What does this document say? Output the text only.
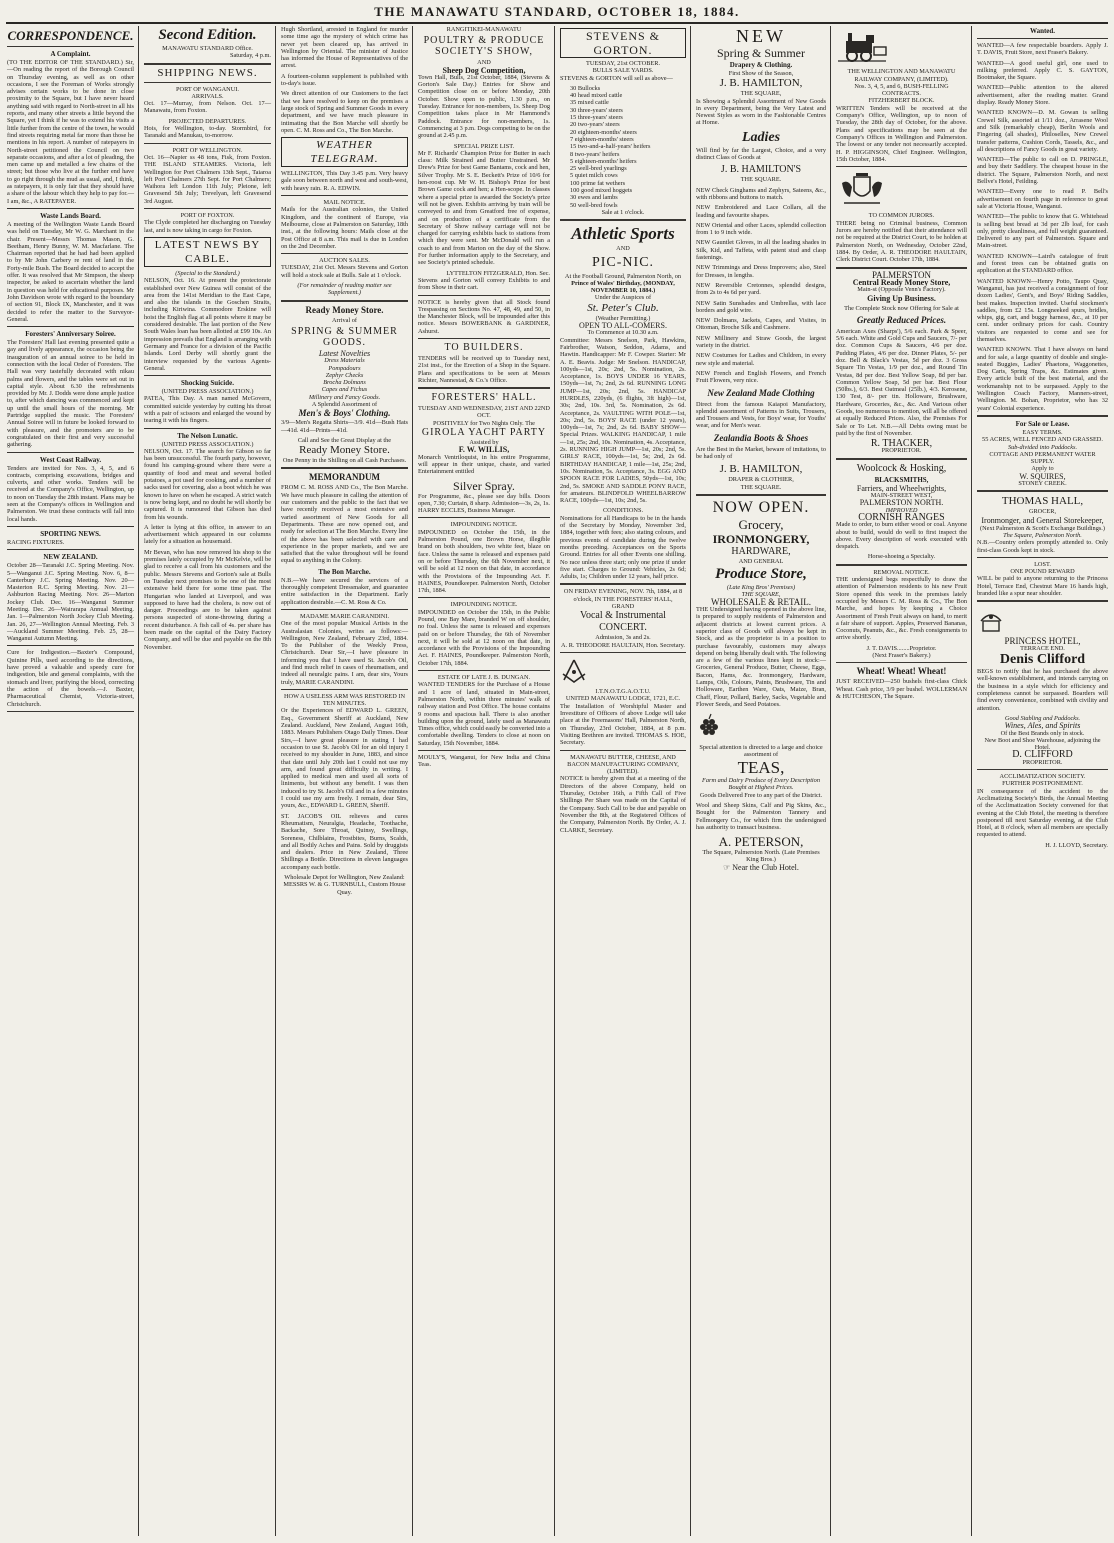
THE MANAWATU STANDARD, OCTOBER 18, 1884.
CORRESPONDENCE.
A Complaint.
(TO THE EDITOR OF THE STANDARD.) Sir,—On reading the report of the Borough Council on Thursday evening, as well as on other occasions, I see the Foreman of Works strongly advises certain works to be done in close proximity to the Square, but I have never heard anything said with regard to North-street in all his reports, and many other streets a little beyond the Square, yet I think if he was to extend his visits a little further from the centre of the town, he would find streets requiring metal far more than those he mentions in his report. A number of ratepayers in North-street petitioned the Council on two separate occasions, and after a lot of pleading, the men came up and metalled a few chains of the street; but those who live at the further end have to go right through the mud as usual, and, I think, as ratepayers, it is only fair that they should have a share of the labour which they help to pay for.—I am, &c., A RATEPAYER.
Waste Lands Board.
A meeting of the Wellington Waste Lands Board was held on Tuesday, Mr W. G. Marchant in the chair. Present—Messrs Thomas Mason, G. Beetham, Henry Bunny, W. M. Macfarlane. The Chairman reported that he had had been applied to by Mr John Carbery re rent of land in the Forty-mile Bush. The Board decided to accept the offer. It was resolved that Mr Simpson, the sheep inspector, be asked to ascertain whether the land in question was held for educational purposes. Mr John Davidson wrote with regard to the boundary of section 91, Block IX, Manchester, and it was decided to refer the matter to the Surveyor-General.
Foresters' Anniversary Soiree.
The Foresters' Hall last evening presented quite a gay and lively appearance, the occasion being the inauguration of an annual soiree to be held in connection with the local Order of Foresters. The Hall was very tastefully decorated with nikau palms and flowers, and the tables were set out in capital style. About 6.30 the refreshments provided by Mr. J. Dodds were done ample justice to, after which dancing was commenced and kept up until the small hours of the morning. Mr Partridge supplied the music. The Foresters' Annual Soiree will in future be looked forward to with pleasure, and the promoters are to be congratulated on their first and very successful gathering.
West Coast Railway.
Tenders are invited for Nos. 3, 4, 5, and 6 contracts, comprising excavations, bridges and culverts, and other works. Tenders will be received at the Company's Office, Wellington, up to noon on Tuesday the 28th instant. Plans may be seen at the Company's offices in Wellington and Palmerston. We trust these contracts will fall into local hands.
SPORTING NEWS.
RACING FIXTURES.
NEW ZEALAND.
October 28—Taranaki J.C. Spring Meeting. Nov. 5—Wanganui J.C. Spring Meeting. Nov. 6, 8—Canterbury J.C. Spring Meeting. Nov. 20—Masterton R.C. Spring Meeting. Nov. 21—Ashburton Racing Meeting. Nov. 26—Marton Jockey Club. Dec. 16—Wanganui Summer Meeting. Dec. 26—Wairarapa Annual Meeting. Jan. 1—Palmerston North Jockey Club Meeting. Jan. 26, 27—Wellington Annual Meeting. Feb. 3—Auckland Summer Meeting. Feb. 25, 28—Wanganui Autumn Meeting.
Cure for Indigestion.—Baxter's Compound, Quinine Pills, used according to the directions, have proved a valuable and speedy cure for indigestion, bile and general complaints, with the stomach and liver, purifying the blood, correcting the action of the bowels.—J. Baxter, Pharmaceutical Chemist, Victoria-street, Christchurch.
Second Edition.
MANAWATU STANDARD Office.
Saturday, 4 p.m.
SHIPPING NEWS.
PORT OF WANGANUI.
ARRIVALS.
Oct. 17—Murray, from Nelson. Oct. 17—Manawatu, from Foxton.
PROJECTED DEPARTURES.
Hois, for Wellington, to-day. Stormbird, for Taranaki and Manukau, to-morrow.
PORT OF WELLINGTON.
Oct. 16—Napier ss 48 tons, Fisk, from Foxton. THE ISLAND STEAMERS. Victoria, left Wellington for Port Chalmers 13th Sept., Taiaroa left Port Chalmers 27th Sept. for Port Chalmers; Waihora left London 11th July; Pleione, left Gravesend 5th July; Trevelyan, left Gravesend 3rd August.
PORT OF FOXTON.
The Clyde completed her discharging on Tuesday last, and is now taking in cargo for Foxton.
LATEST NEWS BY CABLE.
(Special to the Standard.)
NELSON, Oct. 16. At present the protectorate established over New Guinea will consist of the area from the 141st Meridian to the East Cape, and also the islands in the Goschen Straits, including Kiriwina. Commodore Erskine will hoist the English flag at all points where it may be considered desirable. The last portion of the New South Wales loan has been allotted at £99 10s. An impression prevails that England is arranging with Germany and France for a division of the Pacific Islands. Lord Derby will shortly grant the interview requested by the various Agents-General.
Shocking Suicide.
(UNITED PRESS ASSOCIATION.)
PATEA, This Day. A man named McGovern, committed suicide yesterday by cutting his throat with a pair of scissors and enlarged the wound by tearing it with his fingers.
The Nelson Lunatic.
(UNITED PRESS ASSOCIATION.)
NELSON, Oct. 17. The search for Gibson so far has been unsuccessful. The fourth party, however, found his camping-ground where there were a quantity of food and meat and several boiled potatoes, a pot used for cooking, and a number of sacks used for covering, also a boot which he was known to have on when he escaped. A strict watch is now being kept, and no doubt he will shortly be captured. It is rumoured that Gibson has died from his wounds.
A letter is lying at this office, in answer to an advertisement which appeared in our columns lately for a situation as housemaid.
Mr Bevan, who has now removed his shop to the premises lately occupied by Mr McKelvie, will be glad to receive a call from his customers and the public. Messrs Stevens and Gorton's sale at Bulls on Tuesday next promises to be one of the most extensive held there for some time past. The Hungarian who landed at Liverpool, and was supposed to have had the cholera, is now out of danger. Proceedings are to be taken against persons suspected of stone-throwing during a recent disturbance. A fish call of 4s. per share has been made on the capital of the Dairy Factory Company, and will be due and payable on the 8th November.
Hugh Shortland, arrested in England for murder some time ago the mystery of which crime has never yet been cleared up, has arrived in Wellington by Oriental. The minister of Justice has informed the House of Representatives of the arrest.
A fourteen-column supplement is published with to-day's issue.
We direct attention of our Customers to the fact that we have resolved to keep on the premises a large stock of Spring and Summer Goods in every department, and we have much pleasure in intimating that the Bon Marche will shortly be open. C. M. Ross and Co., The Bon Marche.
WEATHER TELEGRAM.
WELLINGTON, This Day 3.45 p.m. Very heavy gale soon between north and west and south-west, with heavy rain. R. A. EDWIN.
MAIL NOTICE.
Mails for the Australian colonies, the United Kingdom, and the continent of Europe, via Melbourne, close at Palmerston on Saturday, 18th inst., at the following hours: Mails close at the Post Office at 8 a.m. This mail is due in London on the 2nd December.
AUCTION SALES.
TUESDAY, 21st Oct. Messrs Stevens and Gorton will hold a stock sale at Bulls. Sale at 1 o'clock.
(For remainder of reading matter see Supplement.)
Ready Money Store.
Arrival of
SPRING & SUMMER GOODS.
Latest Novelties
Dress Materials
Pompadours
Zephyr Checks
Brocha Dolmans
Capes and Fichus
Millinery and Fancy Goods.
A Splendid Assortment of
Men's & Boys' Clothing.
3/9—Men's Regatta Shirts—3/9. 41d—Bush Hats—41d. 41d—Prints—41d.
Call and See the Great Display at the
Ready Money Store.
One Penny in the Shilling on all Cash Purchases.
MEMORANDUM
FROM C. M. ROSS AND Co., The Bon Marche. We have much pleasure in calling the attention of our customers and the public to the fact that we have recently received a most extensive and varied assortment of New Goods for all Departments. These are now opened out, and ready for selection at The Bon Marche. Every line of the above has been selected with care and experience in the proper markets, and we are satisfied that the value throughout will be found equal to anything in the Colony.
The Bon Marche.
N.B.—We have secured the services of a thoroughly competent Dressmaker, and guarantee entire satisfaction in the Department. Early application desirable.—C. M. Ross & Co.
MADAME MARIE CARANDINI.
One of the most popular Musical Artists in the Australasian Colonies, writes as follows:—Wellington, New Zealand, February 23rd, 1884. To the Publisher of the Weekly Press, Christchurch. Dear Sir,—I have pleasure in informing you that I have used St. Jacob's Oil, and find much relief in cases of rheumatism, and indeed all neuralgic pains. I am, dear sirs, Yours truly, MARIE CARANDINI.
HOW A USELESS ARM WAS RESTORED IN TEN MINUTES.
Or the Experiences of EDWARD L. GREEN, Esq., Government Sheriff at Auckland, New Zealand. Auckland, New Zealand, August 16th, 1883. Messrs Publishers Otago Daily Times. Dear Sirs,—I have great pleasure in stating I had occasion to use St. Jacob's Oil for an old injury I received to my shoulder in June, 1883, and since that date until July 20th last I could not use my arm, and found great difficulty in writing. I applied to medical men and used all sorts of liniments, but without any benefit. I was then induced to try St. Jacob's Oil and in a few minutes I could use my arm freely. I remain, dear Sirs, yours, &c., EDWARD L. GREEN, Sheriff.
ST. JACOB'S OIL relieves and cures Rheumatism, Neuralgia, Headache, Toothache, Backache, Sore Throat, Quinsy, Swellings, Soreness, Chilblains, Frostbites, Burns, Scalds, and all Bodily Aches and Pains. Sold by druggists and dealers. Price in New Zealand, Three Shillings a Bottle. Directions in eleven languages accompany each bottle.
Wholesale Depot for Wellington, New Zealand:
MESSRS W. & G. TURNBULL, Custom House Quay.
RANGITIKEI-MANAWATU
POULTRY & PRODUCE SOCIETY'S SHOW,
AND
Sheep Dog Competition,
Town Hall, Bulls, 21st October, 1884, (Stevens & Gorton's Sale Day.) Entries for Show and Competition close on or before Monday, 20th October. Show open to public, 1.30 p.m., on Tuesday. Entrance for non-members, 1s. Sheep Dog Competition takes place in Mr Hammond's Paddock. Entrance for non-members, 1s. Commencing at 3 p.m. Dogs competing to be on the ground at 2.45 p.m.
SPECIAL PRIZE LIST.
Mr F. Richards' Champion Prize for Butter in each class: Milk Strained and Butter Unstrained. Mr Drew's Prize for best Game Bantams, cock and hen, Silver Trophy. Mr S. E. Beckett's Prize of 10/6 for hen-roost cup. Mr W. H. Bishop's Prize for best Brown Game cock and hen; a Hen-scope. In classes where a special prize is awarded the Society's prize will not be given. Exhibits arriving by train will be conveyed to and from Greatford free of expense, and on production of a certificate from the Secretary of Show railway carriage will not be charged for carrying exhibits back to stations from which they were sent. Mr McDonald will run a coach to and from Marton on the day of the Show. For further information apply to the Secretary, and see Society's printed schedule.
LYTTELTON FITZGERALD, Hon. Sec.
Stevens and Gorton will convey Exhibits to and from Show in their cart.
NOTICE is hereby given that all Stock found Trespassing on Sections No. 47, 48, 49, and 50, in the Manchester Block, will be impounded after this notice. Messrs BOWERBANK & GARDINER, Ashurst.
TO BUILDERS.
TENDERS will be received up to Tuesday next, 21st inst., for the Erection of a Shop in the Square. Plans and specifications to be seen at Messrs Richter, Nannestad, & Co.'s Office.
FORESTERS' HALL.
TUESDAY AND WEDNESDAY, 21ST AND 22ND OCT.
POSITIVELY for Two Nights Only. The
GIROLA YACHT PARTY
Assisted by
F. W. WILLIS,
Monarch Ventriloquist, in his entire Programme, will appear in their unique, chaste, and varied Entertainment entitled
Silver Spray.
For Programme, &c., please see day bills. Doors open, 7.30; Curtain, 8 sharp. Admission—3s, 2s, 1s. HARRY ECCLES, Business Manager.
IMPOUNDING NOTICE.
IMPOUNDED on October the 15th, in the Palmerston Pound, one Brown Horse, illegible brand on both shoulders, two white feet, blaze on face. Unless the same is released and expenses paid on or before Thursday, the 6th November next, it will be sold at 12 noon on that date, in accordance with the Provisions of the Impounding Act. F. HAINES, Poundkeeper. Palmerston North, October 17th, 1884.
IMPOUNDING NOTICE.
IMPOUNDED on October the 15th, in the Public Pound, one Bay Mare, branded W on off shoulder, no foal. Unless the same is released and expenses paid on or before Thursday, the 6th of November next, it will be sold at 12 noon on that date, in accordance with the Provisions of the Impounding Act. F. HAINES, Poundkeeper. Palmerston North, October 17th, 1884.
ESTATE OF LATE J. B. DUNGAN.
WANTED TENDERS for the Purchase of a House and 1 acre of land, situated in Main-street, Palmerston North, within three minutes' walk of railway station and Post Office. The house contains 9 rooms and spacious hall. There is also another building upon the ground, lately used as Manawatu Times office, which could easily be converted into a comfortable dwelling. Tenders to close at noon on Saturday, 15th November, 1884.
MOULY'S, Wanganui, for New India and China Teas.
STEVENS & GORTON.
TUESDAY, 21st OCTOBER.
BULLS SALE YARDS.
STEVENS & GORTON will sell as above—
30 Bullocks
40 head mixed cattle
35 mixed cattle
30 three-years' steers
15 three-years' steers
20 two-years' steers
20 eighteen-months' steers
7 eighteen-months' steers
15 two-and-a-half-years' heifers
8 two-years' heifers
5 eighteen-months' heifers
25 well-bred yearlings
5 quiet milch cows
100 prime fat wethers
100 good mixed hoggets
30 ewes and lambs
50 well-bred fowls
Sale at 1 o'clock.
Athletic Sports
AND
PIC-NIC.
At the Football Ground, Palmerston North, on
Prince of Wales' Birthday, (MONDAY, NOVEMBER 10, 1884.)
Under the Auspices of
St. Peter's Club.
(Weather Permitting.)
OPEN TO ALL-COMERS.
To Commence at 10.30 a.m.
Committee: Messrs Snelson, Park, Hawkins, Fairbrother, Watson, Seddon, Adams, and Hawtin. Handicapper: Mr F. Cowper. Starter: Mr A. E. Beavis. Judge: Mr Snelson. HANDICAP, 100yds—1st, 20s; 2nd, 5s. Nomination, 2s. Acceptance, 1s. BOYS UNDER 16 YEARS, 150yds—1st, 7s; 2nd, 2s 6d. RUNNING LONG JUMP—1st, 20s; 2nd, 5s. HANDICAP HURDLES, 220yds, (6 flights, 3ft high)—1st, 30s; 2nd, 10s. 3rd, 5s. Nomination, 2s 6d. Acceptance, 2s. VAULTING WITH POLE—1st, 20s; 2nd, 5s. BOYS' RACE (under 12 years), 100yds—1st, 7s; 2nd, 2s 6d. BABY SHOW—Special Prizes. WALKING HANDICAP, 1 mile—1st, 25s; 2nd, 10s. Nomination, 4s. Acceptance, 2s. RUNNING HIGH JUMP—1st, 20s; 2nd, 5s. GIRLS' RACE, 100yds—1st, 5s; 2nd, 2s 6d. BIRTHDAY HANDICAP, 1 mile—1st, 25s; 2nd, 10s. Nomination, 5s. Acceptance, 3s. EGG AND SPOON RACE FOR LADIES, 50yds—1st, 10s; 2nd, 5s. SMOKE AND SADDLE PONY RACE, for amateurs. BLINDFOLD WHEELBARROW RACE, 100yds—1st, 10s; 2nd, 5s.
CONDITIONS.
Nominations for all Handicaps to be in the hands of the Secretary by Monday, November 3rd, 1884, together with fees; also stating colours, and previous events of candidate during the twelve months preceding. Acceptances on the Sports Ground. Entries for all other Events one shilling. No race unless three start; only one prize if under five start. Charges to Ground: Vehicles, 2s 6d; Adults, 1s; Children under 12 years, half price.
ON FRIDAY EVENING, NOV. 7th, 1884, at 8 o'clock, IN THE FORESTERS' HALL,
GRAND
Vocal & Instrumental CONCERT.
Admission, 3s and 2s.
A. R. THEODORE HAULTAIN, Hon. Secretary.
I.T.N.O.T.G.A.O.T.U.
UNITED MANAWATU LODGE, 1721, E.C.
The Installation of Worshipful Master and Investiture of Officers of above Lodge will take place at the Freemasons' Hall, Palmerston North, on Thursday, 23rd October, 1884, at 8 p.m. Visiting Brethren are invited. THOMAS S. HOE, Secretary.
MANAWATU BUTTER, CHEESE, AND BACON MANUFACTURING COMPANY, (LIMITED).
NOTICE is hereby given that at a meeting of the Directors of the above Company, held on Thursday, October 16th, a Fifth Call of Five Shillings Per Share was made on the Capital of the Company. Such Call to be due and payable on November the 8th, at the Registered Offices of the Company, Palmerston North. By Order, A. J. CLARKE, Secretary.
NEW
Spring & Summer
Drapery & Clothing.
First Show of the Season,
J. B. HAMILTON,
THE SQUARE,
Is Showing a Splendid Assortment of New Goods in every Department, being the Very Latest and Newest Styles as worn in the Fashionable Centres at Home.
Ladies
Will find by far the Largest, Choice, and a very distinct Class of Goods at
J. B. HAMILTON'S
THE SQUARE.
NEW Check Ginghams and Zephyrs, Sateens, &c., with ribbons and buttons to match.
NEW Embroidered and Lace Collars, all the leading and favourite shapes.
NEW Oriental and other Laces, splendid collection from 1 to 9 inch wide.
NEW Gauntlet Gloves, in all the leading shades in Silk, Kid, and Taffeta, with patent stud and clasp fastenings.
NEW Trimmings and Dress Improvers; also, Steel for Dresses, in lengths.
NEW Reversible Cretonnes, splendid designs, from 2s to 4s 6d per yard.
NEW Satin Sunshades and Umbrellas, with lace borders and gold wire.
NEW Dolmans, Jackets, Capes, and Visites, in Ottoman, Broche Silk and Cashmere.
NEW Millinery and Straw Goods, the largest variety in the district.
NEW Costumes for Ladies and Children, in every new style and material.
NEW French and English Flowers, and French Fruit Flowers, very nice.
New Zealand Made Clothing
Direct from the famous Kaiapoi Manufactory, splendid assortment of Patterns in Suits, Trousers, and Trousers and Vests, for Boys' wear, for Youths' wear, and for Men's wear.
Zealandia Boots & Shoes
Are the Best in the Market, beware of imitations, to be had only of
J. B. HAMILTON,
DRAPER & CLOTHIER,
THE SQUARE.
NOW OPEN.
Grocery,
IRONMONGERY,
HARDWARE,
AND GENERAL
Produce Store,
(Late King Bros' Premises)
THE SQUARE,
WHOLESALE & RETAIL.
THE Undersigned having opened in the above line, is prepared to supply residents of Palmerston and adjacent districts at lowest current prices. A superior class of Goods will always be kept in Stock, and as the proprietor is in a position to purchase favourably, customers may always depend on being liberally dealt with. The following are a few of the various lines kept in stock:—Groceries, General Produce, Butter, Cheese, Eggs, Bacon, Hams, &c. Ironmongery, Hardware, Lamps, Oils, Colours, Paints, Brushware, Tin and Holloware, Earthen Ware, Oats, Maize, Bran, Chaff, Flour, Pollard, Barley, Sacks, Vegetable and Flower Seeds, and Seed Potatoes.
Special attention is directed to a large and choice assortment of
TEAS,
Farm and Dairy Produce of Every Description Bought at Highest Prices.
Goods Delivered Free to any part of the District.
Wool and Sheep Skins, Calf and Pig Skins, &c., Bought for the Palmerston Tannery and Fellmongery Co., for which firm the undersigned has authority to transact business.
A. PETERSON,
The Square, Palmerston North. (Late Premises King Bros.)
☞ Near the Club Hotel.
THE WELLINGTON AND MANAWATU RAILWAY COMPANY, (LIMITED).
Nos. 3, 4, 5, and 6, BUSH-FELLING CONTRACTS.
FITZHERBERT BLOCK.
WRITTEN Tenders will be received at the Company's Office, Wellington, up to noon of Tuesday, the 28th day of October, for the above. Plans and specifications may be seen at the Company's Offices in Wellington and Palmerston. The lowest or any tender not necessarily accepted. H. P. HIGGINSON, Chief Engineer. Wellington, 15th October, 1884.
TO COMMON JURORS.
THERE being no Criminal business, Common Jurors are hereby notified that their attendance will not be required at the District Court, to be holden at Palmerston North, on Wednesday, October 22nd, 1884. By Order, A. R. THEODORE HAULTAIN, Clerk District Court. October 17th, 1884.
PALMERSTON
Central Ready Money Store,
Main-st (Opposite Venn's Factory).
Giving Up Business.
The Complete Stock now Offering for Sale at
Greatly Reduced Prices.
American Axes (Sharps'), 5/6 each. Park & Speer, 5/6 each. White and Gold Cups and Saucers, 7/- per doz. Common Cups & Saucers, 4/6 per doz. Pudding Plates, 4/6 per doz. Dinner Plates, 5/- per doz. Bell & Black's Vestas, 5d per doz. 3 Gross Square Tin Vestas, 1/9 per doz., and Round Tin Vestas, 8d per doz. Best Yellow Soap, 8d per bar. Common Yellow Soap, 5d per bar. Best Flour (50lbs.), 6/3. Best Oatmeal (25lb.), 4/3. Kerosene, 130 Test, 8/- per tin. Holloware, Brushware, Hardware, Groceries, &c., &c. And Various other Goods, too numerous to mention, will all be offered at equally Reduced Prices. Also, the Premises For Sale or To Let. N.B.—All Debts owing must be paid by the first of November.
R. THACKER,
PROPRIETOR.
Woolcock & Hosking,
BLACKSMITHS,
Farriers, and Wheelwrights,
MAIN-STREET WEST,
PALMERSTON NORTH.
IMPROVED
CORNISH RANGES
Made to order, to burn either wood or coal. Anyone about to build, would do well to first inspect the above. Every description of work executed with despatch.
Horse-shoeing a Specialty.
REMOVAL NOTICE.
THE undersigned begs respectfully to draw the attention of Palmerston residents to his new Fruit Store opened this week in the premises lately occupied by Messrs C. M. Ross & Co., The Bon Marche, and hopes by keeping a Choice Assortment of Fresh Fruit always on hand, to merit a fair share of support. Apples, Preserved Bananas, Coconuts, Peanuts, &c., &c. Fresh consignments to arrive shortly.
J. T. DAVIS........Proprietor.
(Next Fraser's Bakery.)
Wheat! Wheat! Wheat!
JUST RECEIVED—250 bushels first-class Chick Wheat. Cash price, 3/9 per bushel. WOLLERMAN & HUTCHESON, The Square.
Wanted.
WANTED—A few respectable boarders. Apply J. T. DAVIS, Fruit Store, next Fraser's Bakery.
WANTED—A good useful girl, one used to milking preferred. Apply C. S. GAYTON, Bootmaker, the Square.
WANTED—Public attention to the altered advertisement, after the reading matter. Grand display. Ready Money Store.
WANTED KNOWN—D. M. Gowan is selling Crewel Silk, assorted at 1/11 doz., Arrasene Wool and Silk (remarkably cheap), Berlin Wools and Fingering (all shades), Philoselles, New Crewel transfer patterns, Cushion Cords, Tassels, &c., and all descriptions of Fancy Goods in great variety.
WANTED—The public to call on D. PRINGLE, and buy their Saddlery. The cheapest house in the district. The Square, Palmerston North, and next Bellve's Hotel, Feilding.
WANTED—Every one to read P. Bell's advertisement on fourth page in reference to great sale at Victoria House, Wanganui.
WANTED—The public to know that G. Whitehead is selling best bread at 3d per 2lb loaf, for cash only, pretty cleanliness, and full weight guaranteed. Delivered to any part of Palmerston. Square and Main-street.
WANTED KNOWN—Laird's catalogue of fruit and forest trees can be obtained gratis on application at the STANDARD office.
WANTED KNOWN—Henry Potto, Taupo Quay, Wanganui, has just received a consignment of four dozen Ladies', Gent's, and Boys' Riding Saddles, best makes. Inspection invited. Useful stockmen's saddles, from £2 15s. Longneeked spurs, bridles, whips, gig, cart, and buggy harness, &c., at 10 per cent. under ordinary prices for cash. Country visitors are requested to come and see for themselves.
WANTED KNOWN. That I have always on hand and for sale, a large quantity of double and single-seated Buggies, Ladies' Phaetons, Waggonettes, Dog Carts, Spring Traps, &c. Estimates given. Every article built of the best material, and the workmanship not to be surpassed. Apply to the Wellington Coach Factory, Manners-street, Wellington. M. Bohan, Proprietor, who has 32 years' Colonial experience.
For Sale or Lease.
EASY TERMS.
55 ACRES, WELL FENCED AND GRASSED.
Sub-divided into Paddocks.
COTTAGE AND PERMANENT WATER SUPPLY.
Apply to
W. SQUIRES,
STONEY CREEK.
THOMAS HALL,
GROCER,
Ironmonger, and General Storekeeper,
(Next Palmerston & Scott's Exchange Buildings.)
The Square, Palmerston North.
N.B.—Country orders promptly attended to. Only first-class Goods kept in stock.
LOST.
ONE POUND REWARD
WILL be paid to anyone returning to the Princess Hotel, Terrace End, Chestnut Mare 16 hands high, branded like a spur near shoulder.
PRINCESS HOTEL,
TERRACE END.
Denis Clifford
BEGS to notify that he has purchased the above well-known establishment, and intends carrying on the business in a style which for efficiency and completeness cannot be surpassed. Boarders will find every convenience, combined with civility and attention.
Good Stabling and Paddocks.
Wines, Ales, and Spirits
Of the Best Brands only in stock.
New Boot and Shoe Warehouse, adjoining the Hotel.
D. CLIFFORD
PROPRIETOR.
ACCLIMATIZATION SOCIETY.
FURTHER POSTPONEMENT.
IN consequence of the accident to the Acclimatizing Society's Birds, the Annual Meeting of the Acclimatization Society convened for that evening at the Club Hotel, the meeting is therefore postponed till next Saturday evening, at the Club Hotel, at 8 o'clock, when all members are specially requested to attend.
H. J. LLOYD, Secretary.
